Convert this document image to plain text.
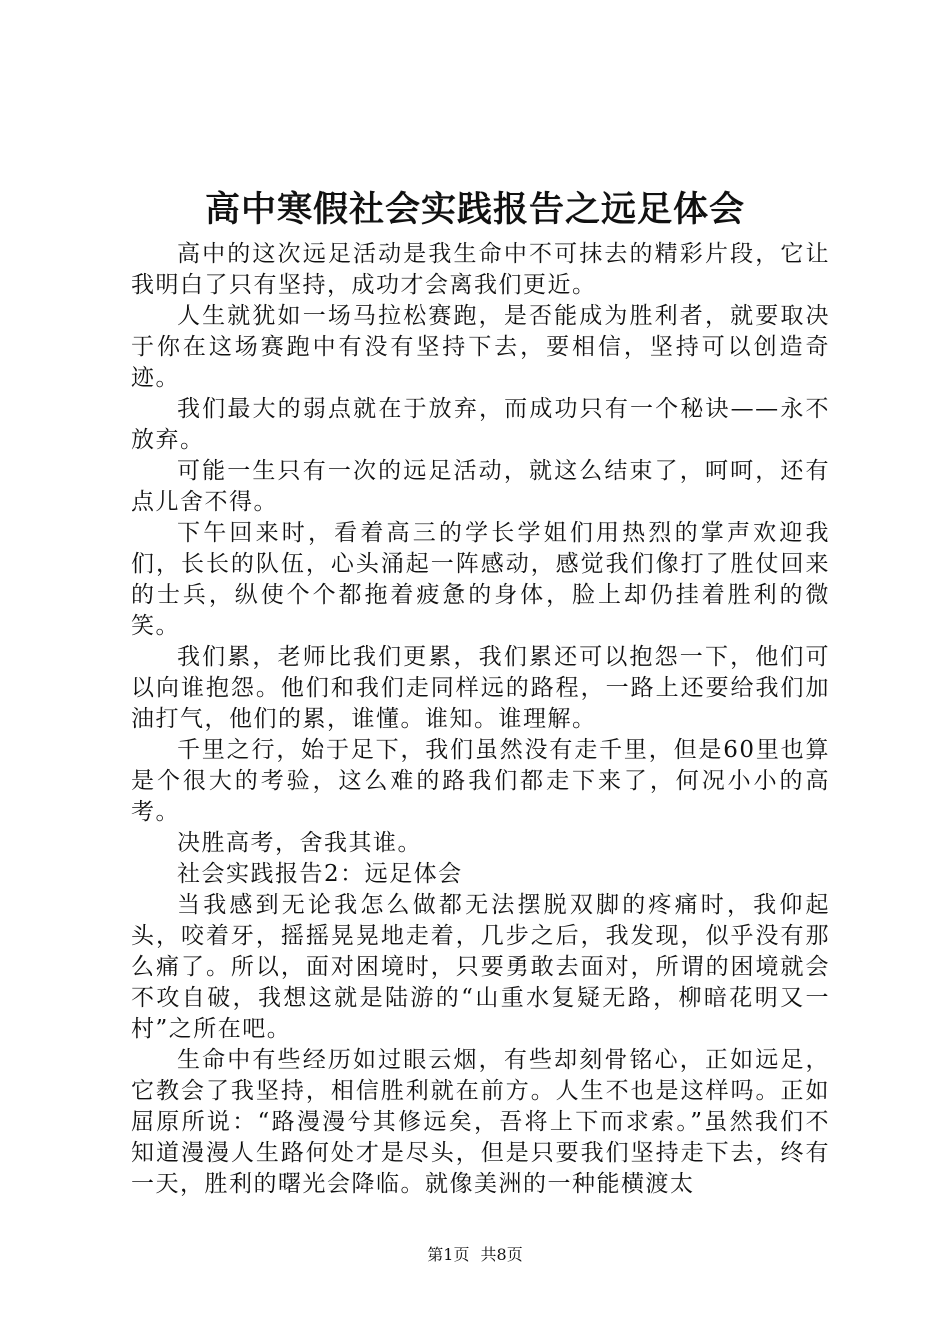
高中寒假社会实践报告之远足体会

高中的这次远足活动是我生命中不可抹去的精彩片段，它让我明白了只有坚持，成功才会离我们更近。

人生就犹如一场马拉松赛跑，是否能成为胜利者，就要取决于你在这场赛跑中有没有坚持下去，要相信，坚持可以创造奇迹。

我们最大的弱点就在于放弃，而成功只有一个秘诀——永不放弃。

可能一生只有一次的远足活动，就这么结束了，呵呵，还有点儿舍不得。

下午回来时，看着高三的学长学姐们用热烈的掌声欢迎我们，长长的队伍，心头涌起一阵感动，感觉我们像打了胜仗回来的士兵，纵使个个都拖着疲惫的身体，脸上却仍挂着胜利的微笑。

我们累，老师比我们更累，我们累还可以抱怨一下，他们可以向谁抱怨。他们和我们走同样远的路程，一路上还要给我们加油打气，他们的累，谁懂。谁知。谁理解。

千里之行，始于足下，我们虽然没有走千里，但是60里也算是个很大的考验，这么难的路我们都走下来了，何况小小的高考。

决胜高考，舍我其谁。

社会实践报告2：远足体会

当我感到无论我怎么做都无法摆脱双脚的疼痛时，我仰起头，咬着牙，摇摇晃晃地走着，几步之后，我发现，似乎没有那么痛了。所以，面对困境时，只要勇敢去面对，所谓的困境就会不攻自破，我想这就是陆游的“山重水复疑无路，柳暗花明又一村”之所在吧。

生命中有些经历如过眼云烟，有些却刻骨铭心，正如远足，它教会了我坚持，相信胜利就在前方。人生不也是这样吗。正如屈原所说：“路漫漫兮其修远矣，吾将上下而求索。”虽然我们不知道漫漫人生路何处才是尽头，但是只要我们坚持走下去，终有一天，胜利的曙光会降临。就像美洲的一种能横渡太

第1页 共8页
